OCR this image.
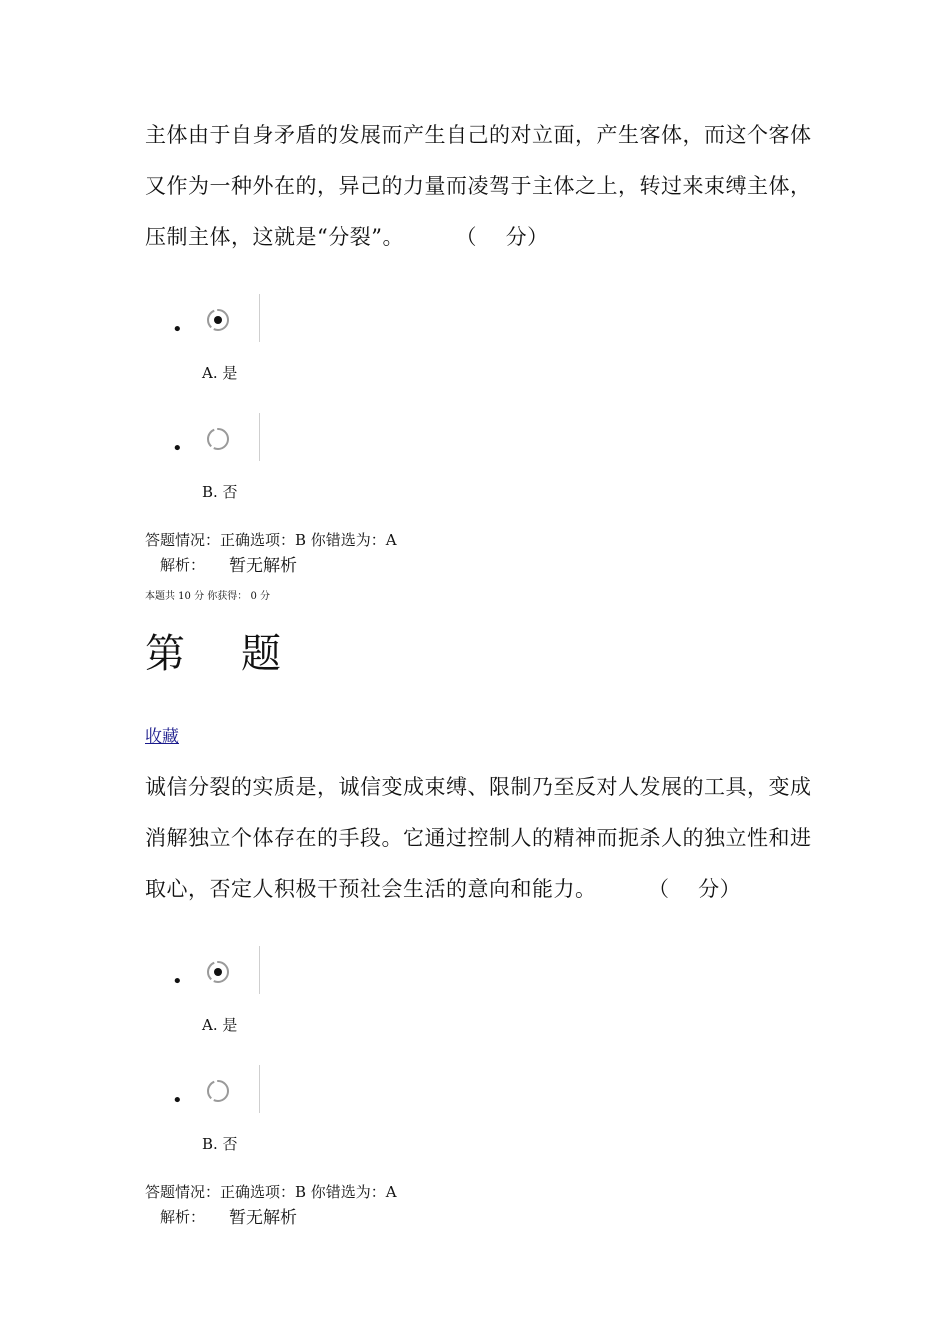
主体由于自身矛盾的发展而产生自己的对立面，产生客体，而这个客体
又作为一种外在的，异己的力量而凌驾于主体之上，转过来束缚主体，
压制主体，这就是“分裂”。	（　 分）
•
A. 是
•
B. 否
答题情况：正确选项：B 你错选为：A
解析： 暂无解析
本题共 10 分 你获得： 0 分
第 题
收藏
诚信分裂的实质是，诚信变成束缚、限制乃至反对人发展的工具，变成
消解独立个体存在的手段。它通过控制人的精神而扼杀人的独立性和进
取心，否定人积极干预社会生活的意向和能力。	（　 分）
•
A. 是
•
B. 否
答题情况：正确选项：B 你错选为：A
解析： 暂无解析
